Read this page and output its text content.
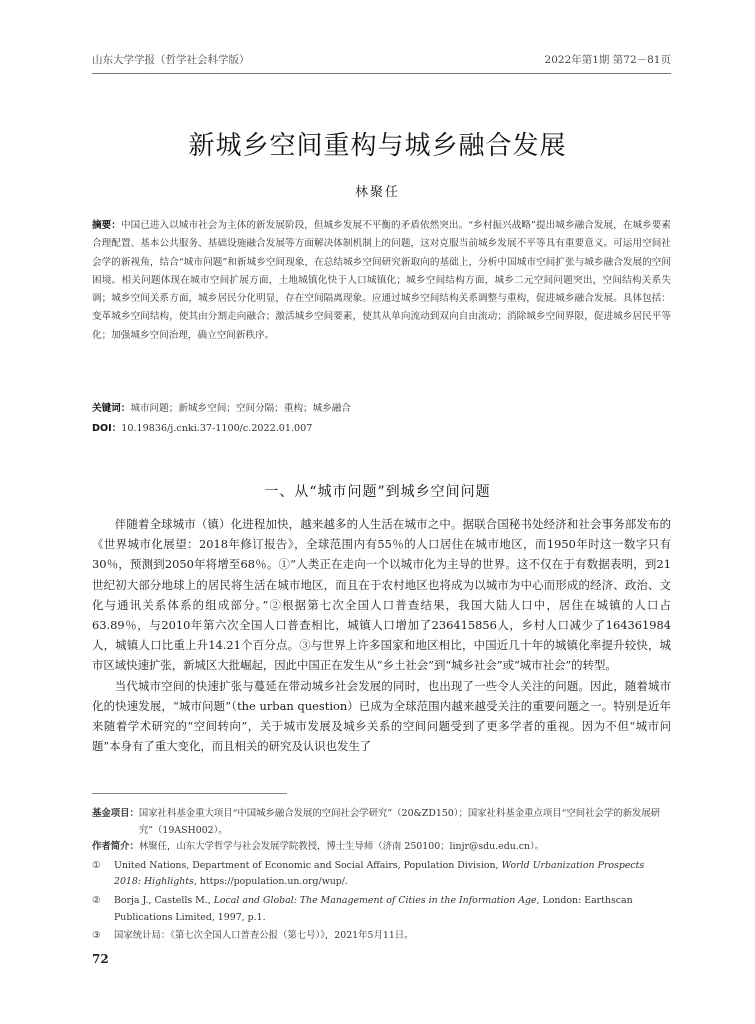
山东大学学报（哲学社会科学版）	2022年第1期 第72－81页
新城乡空间重构与城乡融合发展
林聚任
摘要：中国已进入以城市社会为主体的新发展阶段，但城乡发展不平衡的矛盾依然突出。“乡村振兴战略”提出城乡融合发展，在城乡要素合理配置、基本公共服务、基础设施融合发展等方面解决体制机制上的问题，这对克服当前城乡发展不平等具有重要意义。可运用空间社会学的新视角，结合“城市问题”和新城乡空间现象，在总结城乡空间研究新取向的基础上，分析中国城市空间扩张与城乡融合发展的空间困境。相关问题体现在城市空间扩展方面，土地城镇化快于人口城镇化；城乡空间结构方面，城乡二元空间问题突出，空间结构关系失调；城乡空间关系方面，城乡居民分化明显，存在空间隔离现象。应通过城乡空间结构关系调整与重构，促进城乡融合发展。具体包括：变革城乡空间结构，使其由分割走向融合；激活城乡空间要素，使其从单向流动到双向自由流动；消除城乡空间界限，促进城乡居民平等化；加强城乡空间治理，确立空间新秩序。
关键词：城市问题；新城乡空间；空间分隔；重构；城乡融合
DOI：10.19836/j.cnki.37-1100/c.2022.01.007
一、从“城市问题”到城乡空间问题

伴随着全球城市（镇）化进程加快，越来越多的人生活在城市之中。据联合国秘书处经济和社会事务部发布的《世界城市化展望：2018年修订报告》，全球范围内有55％的人口居住在城市地区，而1950年时这一数字只有30％，预测到2050年将增至68％。①“人类正在走向一个以城市化为主导的世界。这不仅在于有数据表明，到21世纪初大部分地球上的居民将生活在城市地区，而且在于农村地区也将成为以城市为中心而形成的经济、政治、文化与通讯关系体系的组成部分。”②根据第七次全国人口普查结果，我国大陆人口中，居住在城镇的人口占63.89％，与2010年第六次全国人口普查相比，城镇人口增加了236415856人，乡村人口减少了164361984人，城镇人口比重上升14.21个百分点。③与世界上许多国家和地区相比，中国近几十年的城镇化率提升较快，城市区域快速扩张，新城区大批崛起，因此中国正在发生从“乡土社会”到“城乡社会”或“城市社会”的转型。

当代城市空间的快速扩张与蔓延在带动城乡社会发展的同时，也出现了一些令人关注的问题。因此，随着城市化的快速发展，“城市问题”（the urban question）已成为全球范围内越来越受关注的重要问题之一。特别是近年来随着学术研究的“空间转向”，关于城市发展及城乡关系的空间问题受到了更多学者的重视。因为不但“城市问题”本身有了重大变化，而且相关的研究及认识也发生了

基金项目： 国家社科基金重大项目“中国城乡融合发展的空间社会学研究”（20&ZD150）；国家社科基金重点项目“空间社会学的新发展研究”（19ASH002）。
作者简介： 林聚任，山东大学哲学与社会发展学院教授，博士生导师（济南 250100；linjr@sdu.edu.cn）。
①	United Nations, Department of Economic and Social Affairs, Population Division, World Urbanization Prospects 2018: Highlights, https://population.un.org/wup/.
②	Borja J., Castells M., Local and Global: The Management of Cities in the Information Age, London: Earthscan Publications Limited, 1997, p.1.
③	国家统计局：《第七次全国人口普查公报（第七号）》，2021年5月11日。
72
